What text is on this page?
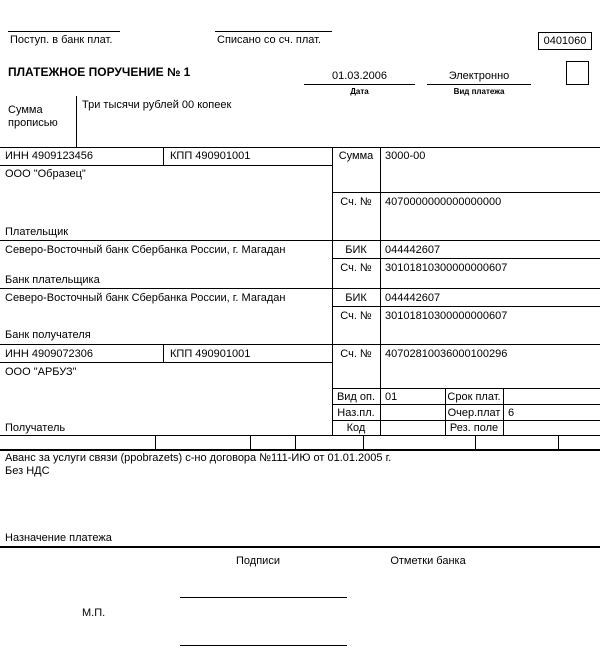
Поступ. в банк плат.	Списано со сч. плат.	0401060
ПЛАТЕЖНОЕ ПОРУЧЕНИЕ № 1	01.03.2006
Дата
Электронно
Вид платежа
Сумма прописью
Три тысячи рублей 00 копеек
ИНН 4909123456	КПП 490901001	Сумма	3000-00
ООО "Образец"
Сч. №	4070000000000000000
Плательщик
Северо-Восточный банк Сбербанка России, г. Магадан	БИК	044442607
Сч. №	30101810300000000607
Банк плательщика
Северо-Восточный банк Сбербанка России, г. Магадан	БИК	044442607
Сч. №	30101810300000000607
Банк получателя
ИНН 4909072306	КПП 490901001	Сч. №	40702810036000100296
ООО "АРБУЗ"
Вид оп. 01	Срок плат.
Наз.пл.	Очер.плат 6
Код	Рез. поле
Получатель
Аванс за услуги связи (ppobrazets) с-но договора №111-ИЮ от 01.01.2005 г.
Без НДС
Назначение платежа
Подписи	Отметки банка
М.П.
